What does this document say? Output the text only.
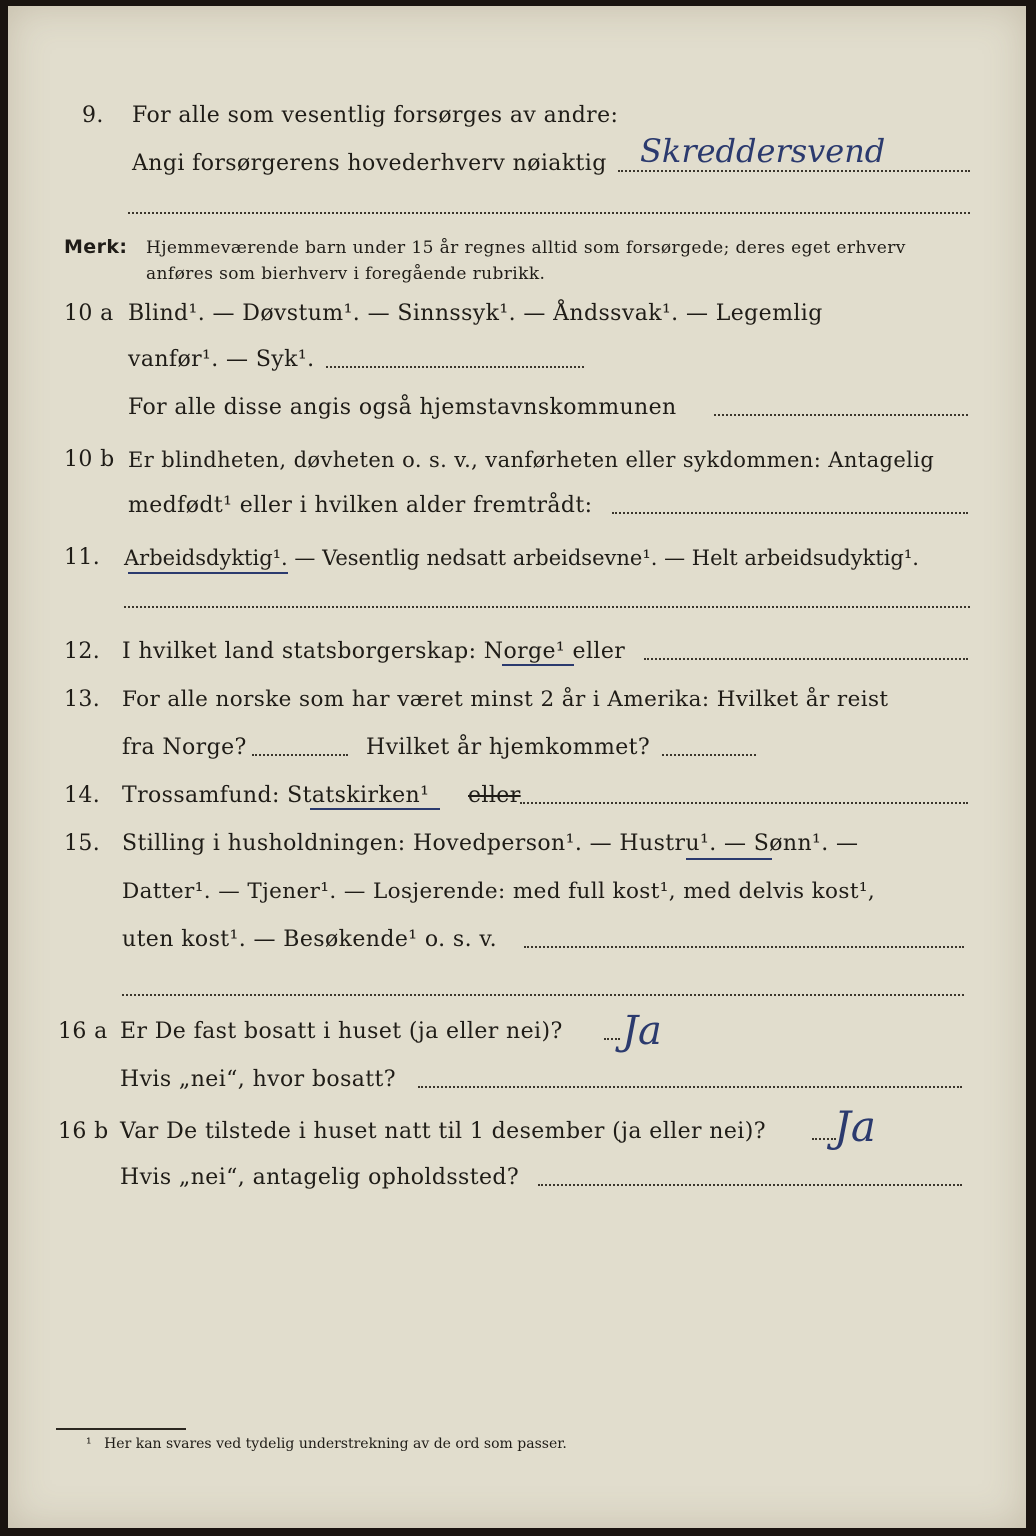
9. For alle som vesentlig forsørges av andre:
Angi forsørgerens hovederhverv nøiaktig Skreddersvend
Merk: Hjemmeværende barn under 15 år regnes alltid som forsørgede; deres eget erhverv
anføres som bierhverv i foregående rubrikk.
10 a Blind¹. — Døvstum¹. — Sinnssyk¹. — Åndssvak¹. — Legemlig
vanfør¹. — Syk¹.
For alle disse angis også hjemstavnskommunen
10 b Er blindheten, døvheten o. s. v., vanførheten eller sykdommen: Antagelig
medfødt¹ eller i hvilken alder fremtrådt:
11. Arbeidsdyktig¹. — Vesentlig nedsatt arbeidsevne¹. — Helt arbeidsudyktig¹.
12. I hvilket land statsborgerskap: Norge¹ eller
13. For alle norske som har været minst 2 år i Amerika: Hvilket år reist
fra Norge?	Hvilket år hjemkommet?
14. Trossamfund: Statskirken¹ eller
15. Stilling i husholdningen: Hovedperson¹. — Hustru¹. — Sønn¹. —
Datter¹. — Tjener¹. — Losjerende: med full kost¹, med delvis kost¹,
uten kost¹. — Besøkende¹ o. s. v.
16 a Er De fast bosatt i huset (ja eller nei)? Ja
Hvis „nei“, hvor bosatt?
16 b Var De tilstede i huset natt til 1 desember (ja eller nei)? Ja
Hvis „nei“, antagelig opholdssted?
¹ Her kan svares ved tydelig understrekning av de ord som passer.
